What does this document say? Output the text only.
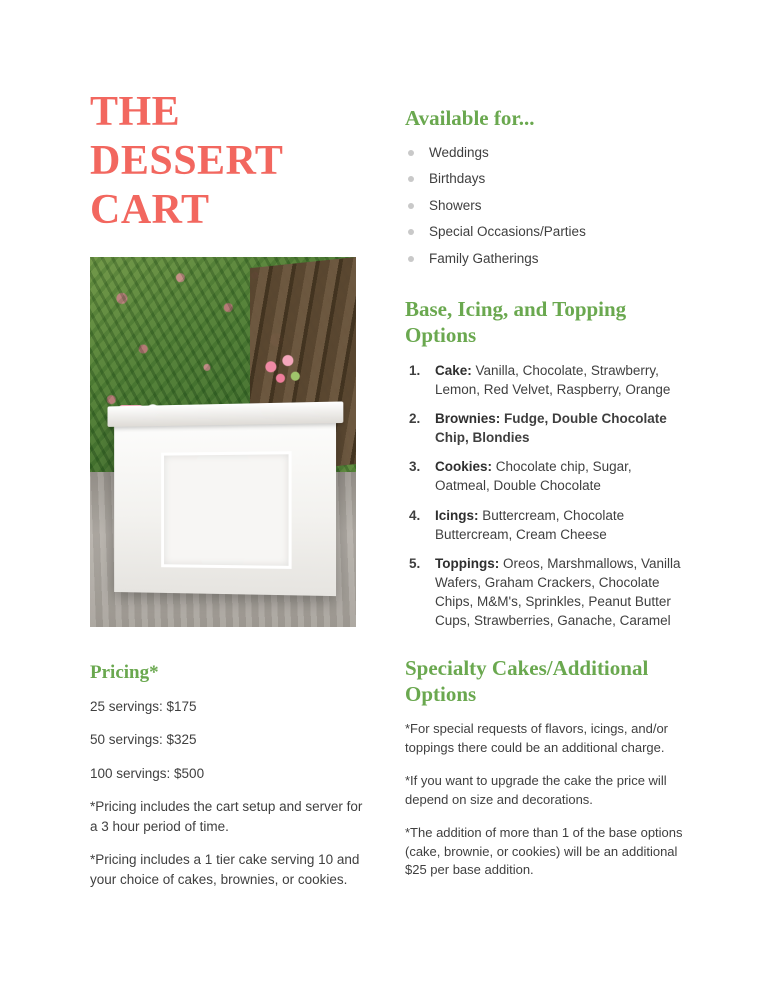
THE
DESSERT
CART
Pricing*

25 servings: $175

50 servings: $325

100 servings: $500

*Pricing includes the cart setup and server for a 3 hour period of time.

*Pricing includes a 1 tier cake serving 10 and your choice of cakes, brownies, or cookies.

Available for...
Weddings
Birthdays
Showers
Special Occasions/Parties
Family Gatherings
Base, Icing, and Topping Options
1. Cake: Vanilla, Chocolate, Strawberry, Lemon, Red Velvet, Raspberry, Orange
2. Brownies: Fudge, Double Chocolate Chip, Blondies
3. Cookies: Chocolate chip, Sugar, Oatmeal, Double Chocolate
4. Icings: Buttercream, Chocolate Buttercream, Cream Cheese
5. Toppings: Oreos, Marshmallows, Vanilla Wafers, Graham Crackers, Chocolate Chips, M&M's, Sprinkles, Peanut Butter Cups, Strawberries, Ganache, Caramel
Specialty Cakes/Additional Options

*For special requests of flavors, icings, and/or toppings there could be an additional charge.

*If you want to upgrade the cake the price will depend on size and decorations.

*The addition of more than 1 of the base options (cake, brownie, or cookies) will be an additional $25 per base addition.
